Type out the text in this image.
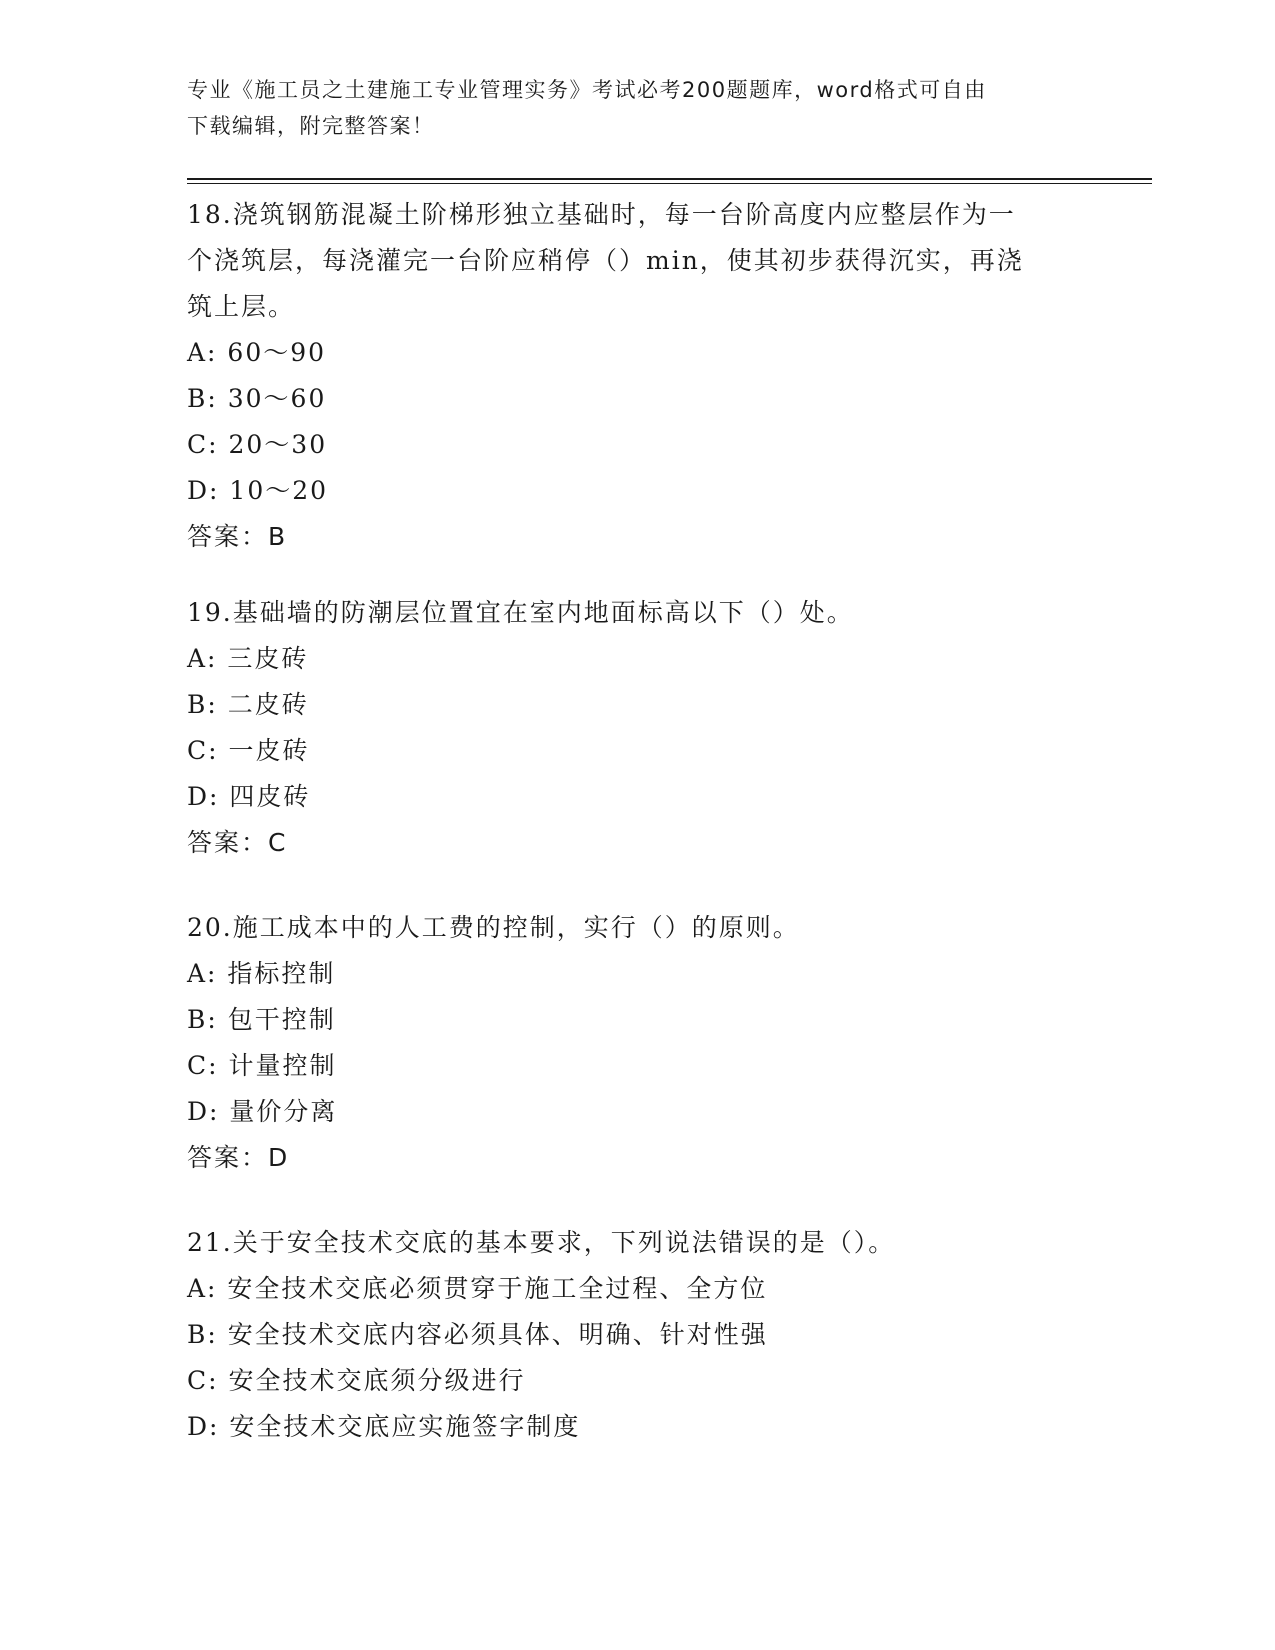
专业《施工员之土建施工专业管理实务》考试必考200题题库，word格式可自由
下载编辑，附完整答案！
18.浇筑钢筋混凝土阶梯形独立基础时，每一台阶高度内应整层作为一
个浇筑层，每浇灌完一台阶应稍停（）min，使其初步获得沉实，再浇
筑上层。
A: 60～90
B: 30～60
C: 20～30
D: 10～20
答案：B
19.基础墙的防潮层位置宜在室内地面标高以下（）处。
A: 三皮砖
B: 二皮砖
C: 一皮砖
D: 四皮砖
答案：C
20.施工成本中的人工费的控制，实行（）的原则。
A: 指标控制
B: 包干控制
C: 计量控制
D: 量价分离
答案：D
21.关于安全技术交底的基本要求，下列说法错误的是（）。
A: 安全技术交底必须贯穿于施工全过程、全方位
B: 安全技术交底内容必须具体、明确、针对性强
C: 安全技术交底须分级进行
D: 安全技术交底应实施签字制度
